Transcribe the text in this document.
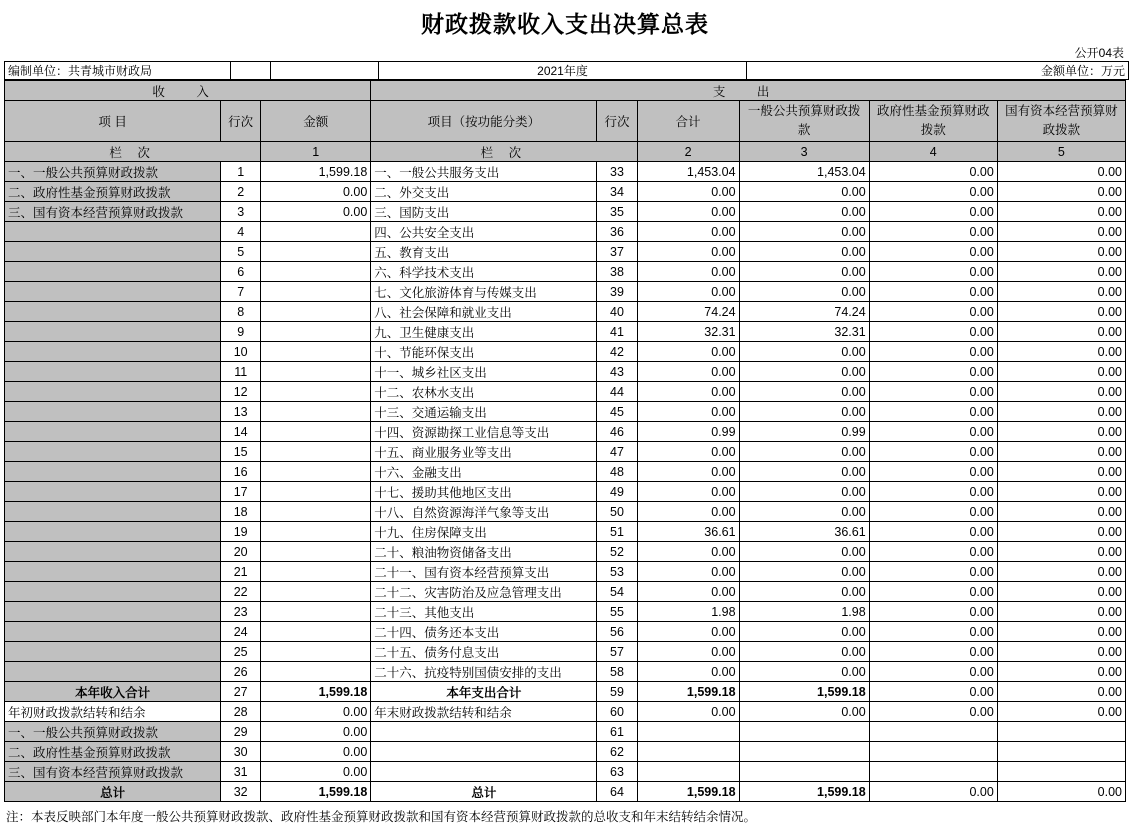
财政拨款收入支出决算总表
公开04表
编制单位：共青城市财政局			2021年度	金额单位：万元
收 入			支 出					
项 目	行次	金额	项目（按功能分类）	行次	合计	一般公共预算财政拨款	政府性基金预算财政拨款	国有资本经营预算财政拨款
栏 次		1	栏 次		2	3	4	5
一、一般公共预算财政拨款	1	1,599.18	一、一般公共服务支出	33	1,453.04	1,453.04	0.00	0.00
二、政府性基金预算财政拨款	2	0.00	二、外交支出	34	0.00	0.00	0.00	0.00
三、国有资本经营预算财政拨款	3	0.00	三、国防支出	35	0.00	0.00	0.00	0.00
	4		四、公共安全支出	36	0.00	0.00	0.00	0.00
	5		五、教育支出	37	0.00	0.00	0.00	0.00
	6		六、科学技术支出	38	0.00	0.00	0.00	0.00
	7		七、文化旅游体育与传媒支出	39	0.00	0.00	0.00	0.00
	8		八、社会保障和就业支出	40	74.24	74.24	0.00	0.00
	9		九、卫生健康支出	41	32.31	32.31	0.00	0.00
	10		十、节能环保支出	42	0.00	0.00	0.00	0.00
	11		十一、城乡社区支出	43	0.00	0.00	0.00	0.00
	12		十二、农林水支出	44	0.00	0.00	0.00	0.00
	13		十三、交通运输支出	45	0.00	0.00	0.00	0.00
	14		十四、资源勘探工业信息等支出	46	0.99	0.99	0.00	0.00
	15		十五、商业服务业等支出	47	0.00	0.00	0.00	0.00
	16		十六、金融支出	48	0.00	0.00	0.00	0.00
	17		十七、援助其他地区支出	49	0.00	0.00	0.00	0.00
	18		十八、自然资源海洋气象等支出	50	0.00	0.00	0.00	0.00
	19		十九、住房保障支出	51	36.61	36.61	0.00	0.00
	20		二十、粮油物资储备支出	52	0.00	0.00	0.00	0.00
	21		二十一、国有资本经营预算支出	53	0.00	0.00	0.00	0.00
	22		二十二、灾害防治及应急管理支出	54	0.00	0.00	0.00	0.00
	23		二十三、其他支出	55	1.98	1.98	0.00	0.00
	24		二十四、债务还本支出	56	0.00	0.00	0.00	0.00
	25		二十五、债务付息支出	57	0.00	0.00	0.00	0.00
	26		二十六、抗疫特别国债安排的支出	58	0.00	0.00	0.00	0.00
本年收入合计	27	1,599.18	本年支出合计	59	1,599.18	1,599.18	0.00	0.00
年初财政拨款结转和结余	28	0.00	年末财政拨款结转和结余	60	0.00	0.00	0.00	0.00
一、一般公共预算财政拨款	29	0.00		61				
二、政府性基金预算财政拨款	30	0.00		62				
三、国有资本经营预算财政拨款	31	0.00		63				
总计	32	1,599.18	总计	64	1,599.18	1,599.18	0.00	0.00
注：本表反映部门本年度一般公共预算财政拨款、政府性基金预算财政拨款和国有资本经营预算财政拨款的总收支和年末结转结余情况。
